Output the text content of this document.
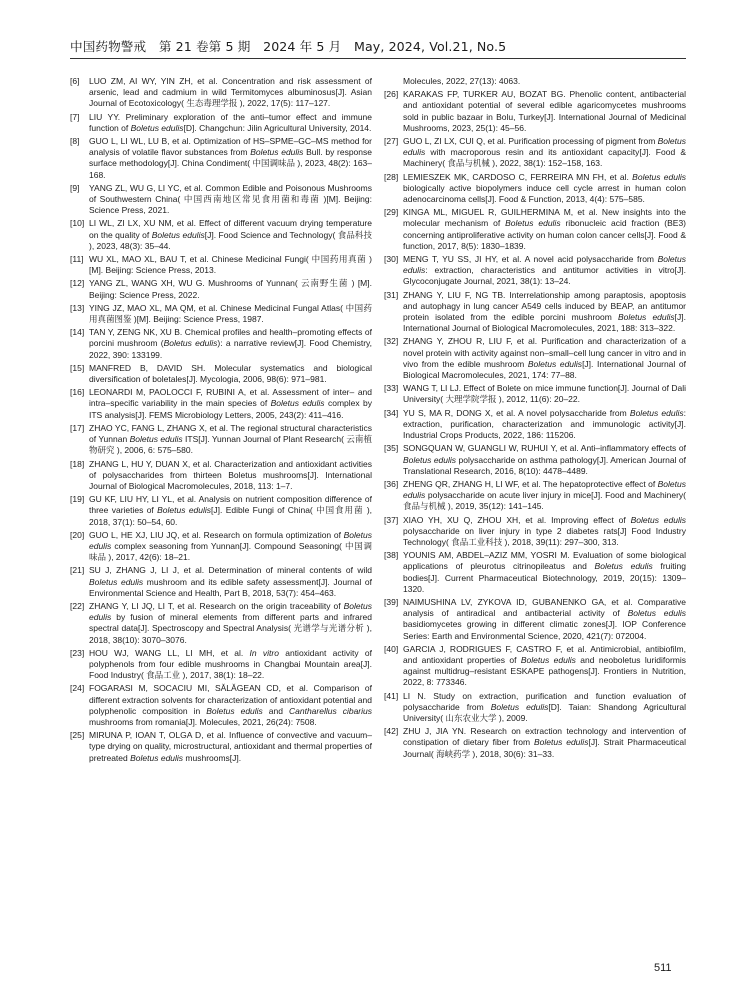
中国药物警戒　第 21 卷第 5 期　2024 年 5 月　May, 2024, Vol.21, No.5
[6] LUO ZM, AI WY, YIN ZH, et al. Concentration and risk assessment of arsenic, lead and cadmium in wild Termitomyces albuminosus[J]. Asian Journal of Ecotoxicology( 生态毒理学报 ), 2022, 17(5): 117–127.
[7] LIU YY. Preliminary exploration of the anti–tumor effect and immune function of Boletus edulis[D]. Changchun: Jilin Agricultural University, 2014.
[8] GUO L, LI WL, LU B, et al. Optimization of HS–SPME–GC–MS method for analysis of volatile flavor substances from Boletus edulis Bull. by response surface methodology[J]. China Condiment( 中国调味品 ), 2023, 48(2): 163–168.
[9] YANG ZL, WU G, LI YC, et al. Common Edible and Poisonous Mushrooms of Southwestern China( 中国西南地区常见食用菌和毒菌 )[M]. Beijing: Science Press, 2021.
[10] LI WL, ZI LX, XU NM, et al. Effect of different vacuum drying temperature on the quality of Boletus edulis[J]. Food Science and Technology( 食品科技 ), 2023, 48(3): 35–44.
[11] WU XL, MAO XL, BAU T, et al. Chinese Medicinal Fungi( 中国药用真菌 )[M]. Beijing: Science Press, 2013.
[12] YANG ZL, WANG XH, WU G. Mushrooms of Yunnan( 云南野生菌 ) [M]. Beijing: Science Press, 2022.
[13] YING JZ, MAO XL, MA QM, et al. Chinese Medicinal Fungal Atlas( 中国药用真菌图鉴 )[M]. Beijing: Science Press, 1987.
[14] TAN Y, ZENG NK, XU B. Chemical profiles and health–promoting effects of porcini mushroom (Boletus edulis): a narrative review[J]. Food Chemistry, 2022, 390: 133199.
[15] MANFRED B, DAVID SH. Molecular systematics and biological diversification of boletales[J]. Mycologia, 2006, 98(6): 971–981.
[16] LEONARDI M, PAOLOCCI F, RUBINI A, et al. Assessment of inter– and intra–specific variability in the main species of Boletus edulis complex by ITS analysis[J]. FEMS Microbiology Letters, 2005, 243(2): 411–416.
[17] ZHAO YC, FANG L, ZHANG X, et al. The regional structural characteristics of Yunnan Boletus edulis ITS[J]. Yunnan Journal of Plant Research( 云南植物研究 ), 2006, 6: 575–580.
[18] ZHANG L, HU Y, DUAN X, et al. Characterization and antioxidant activities of polysaccharides from thirteen Boletus mushrooms[J]. International Journal of Biological Macromolecules, 2018, 113: 1–7.
[19] GU KF, LIU HY, LI YL, et al. Analysis on nutrient composition difference of three varieties of Boletus edulis[J]. Edible Fungi of China( 中国食用菌 ), 2018, 37(1): 50–54, 60.
[20] GUO L, HE XJ, LIU JQ, et al. Research on formula optimization of Boletus edulis complex seasoning from Yunnan[J]. Compound Seasoning( 中国调味品 ), 2017, 42(6): 18–21.
[21] SU J, ZHANG J, LI J, et al. Determination of mineral contents of wild Boletus edulis mushroom and its edible safety assessment[J]. Journal of Environmental Science and Health, Part B, 2018, 53(7): 454–463.
[22] ZHANG Y, LI JQ, LI T, et al. Research on the origin traceability of Boletus edulis by fusion of mineral elements from different parts and infrared spectral data[J]. Spectroscopy and Spectral Analysis( 光谱学与光谱分析 ), 2018, 38(10): 3070–3076.
[23] HOU WJ, WANG LL, LI MH, et al. In vitro antioxidant activity of polyphenols from four edible mushrooms in Changbai Mountain area[J]. Food Industry( 食品工业 ), 2017, 38(1): 18–22.
[24] FOGARASI M, SOCACIU MI, SĂLĂGEAN CD, et al. Comparison of different extraction solvents for characterization of antioxidant potential and polyphenolic composition in Boletus edulis and Cantharellus cibarius mushrooms from romania[J]. Molecules, 2021, 26(24): 7508.
[25] MIRUNA P, IOAN T, OLGA D, et al. Influence of convective and vacuum–type drying on quality, microstructural, antioxidant and thermal properties of pretreated Boletus edulis mushrooms[J].
Molecules, 2022, 27(13): 4063.
[26] KARAKAS FP, TURKER AU, BOZAT BG. Phenolic content, antibacterial and antioxidant potential of several edible agaricomycetes mushrooms sold in public bazaar in Bolu, Turkey[J]. International Journal of Medicinal Mushrooms, 2023, 25(1): 45–56.
[27] GUO L, ZI LX, CUI Q, et al. Purification processing of pigment from Boletus edulis with macroporous resin and its antioxidant capacity[J]. Food & Machinery( 食品与机械 ), 2022, 38(1): 152–158, 163.
[28] LEMIESZEK MK, CARDOSO C, FERREIRA MN FH, et al. Boletus edulis biologically active biopolymers induce cell cycle arrest in human colon adenocarcinoma cells[J]. Food & Function, 2013, 4(4): 575–585.
[29] KINGA ML, MIGUEL R, GUILHERMINA M, et al. New insights into the molecular mechanism of Boletus edulis ribonucleic acid fraction (BE3) concerning antiproliferative activity on human colon cancer cells[J]. Food & function, 2017, 8(5): 1830–1839.
[30] MENG T, YU SS, JI HY, et al. A novel acid polysaccharide from Boletus edulis: extraction, characteristics and antitumor activities in vitro[J]. Glycoconjugate Journal, 2021, 38(1): 13–24.
[31] ZHANG Y, LIU F, NG TB. Interrelationship among paraptosis, apoptosis and autophagy in lung cancer A549 cells induced by BEAP, an antitumor protein isolated from the edible porcini mushroom Boletus edulis[J]. International Journal of Biological Macromolecules, 2021, 188: 313–322.
[32] ZHANG Y, ZHOU R, LIU F, et al. Purification and characterization of a novel protein with activity against non–small–cell lung cancer in vitro and in vivo from the edible mushroom Boletus edulis[J]. International Journal of Biological Macromolecules, 2021, 174: 77–88.
[33] WANG T, LI LJ. Effect of Bolete on mice immune function[J]. Journal of Dali University( 大理学院学报 ), 2012, 11(6): 20–22.
[34] YU S, MA R, DONG X, et al. A novel polysaccharide from Boletus edulis: extraction, purification, characterization and immunologic activity[J]. Industrial Crops Products, 2022, 186: 115206.
[35] SONGQUAN W, GUANGLI W, RUHUI Y, et al. Anti–inflammatory effects of Boletus edulis polysaccharide on asthma pathology[J]. American Journal of Translational Research, 2016, 8(10): 4478–4489.
[36] ZHENG QR, ZHANG H, LI WF, et al. The hepatoprotective effect of Boletus edulis polysaccharide on acute liver injury in mice[J]. Food and Machinery( 食品与机械 ), 2019, 35(12): 141–145.
[37] XIAO YH, XU Q, ZHOU XH, et al. Improving effect of Boletus edulis polysaccharide on liver injury in type 2 diabetes rats[J] Food Industry Technology( 食品工业科技 ), 2018, 39(11): 297–300, 313.
[38] YOUNIS AM, ABDEL–AZIZ MM, YOSRI M. Evaluation of some biological applications of pleurotus citrinopileatus and Boletus edulis fruiting bodies[J]. Current Pharmaceutical Biotechnology, 2019, 20(15): 1309–1320.
[39] NAIMUSHINA LV, ZYKOVA ID, GUBANENKO GA, et al. Comparative analysis of antiradical and antibacterial activity of Boletus edulis basidiomycetes growing in different climatic zones[J]. IOP Conference Series: Earth and Environmental Science, 2020, 421(7): 072004.
[40] GARCIA J, RODRIGUES F, CASTRO F, et al. Antimicrobial, antibiofilm, and antioxidant properties of Boletus edulis and neoboletus luridiformis against multidrug–resistant ESKAPE pathogens[J]. Frontiers in Nutrition, 2022, 8: 773346.
[41] LI N. Study on extraction, purification and function evaluation of polysaccharide from Boletus edulis[D]. Taian: Shandong Agricultural University( 山东农业大学 ), 2009.
[42] ZHU J, JIA YN. Research on extraction technology and intervention of constipation of dietary fiber from Boletus edulis[J]. Strait Pharmaceutical Journal( 海峡药学 ), 2018, 30(6): 31–33.
511
